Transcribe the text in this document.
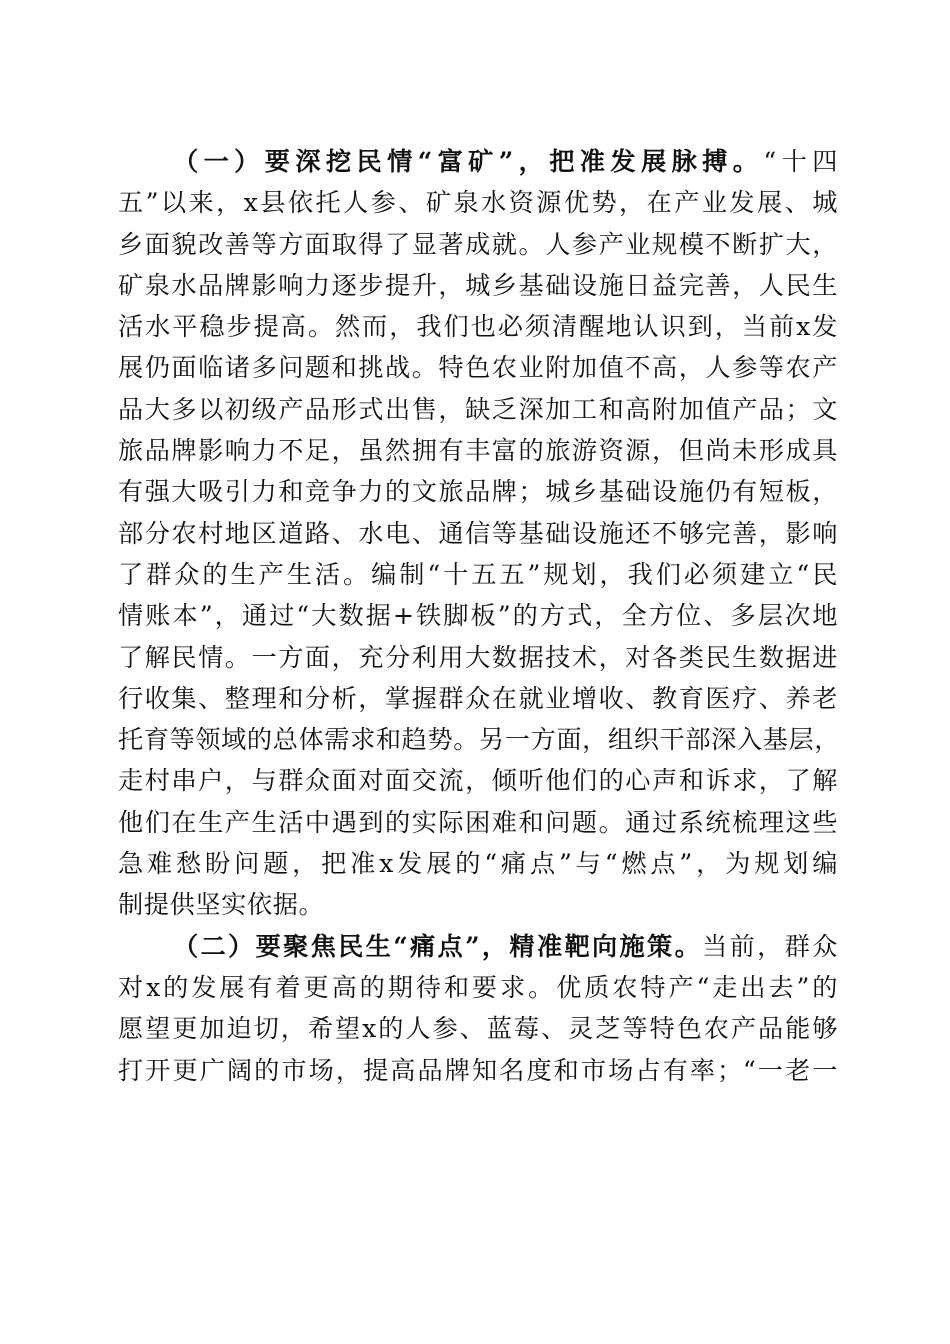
（一）要深挖民情“富矿”，把准发展脉搏。“十四
五”以来，x县依托人参、矿泉水资源优势，在产业发展、城
乡面貌改善等方面取得了显著成就。人参产业规模不断扩大，
矿泉水品牌影响力逐步提升，城乡基础设施日益完善，人民生
活水平稳步提高。然而，我们也必须清醒地认识到，当前x发
展仍面临诸多问题和挑战。特色农业附加值不高，人参等农产
品大多以初级产品形式出售，缺乏深加工和高附加值产品；文
旅品牌影响力不足，虽然拥有丰富的旅游资源，但尚未形成具
有强大吸引力和竞争力的文旅品牌；城乡基础设施仍有短板，
部分农村地区道路、水电、通信等基础设施还不够完善，影响
了群众的生产生活。编制“十五五”规划，我们必须建立“民
情账本”，通过“大数据+铁脚板”的方式，全方位、多层次地
了解民情。一方面，充分利用大数据技术，对各类民生数据进
行收集、整理和分析，掌握群众在就业增收、教育医疗、养老
托育等领域的总体需求和趋势。另一方面，组织干部深入基层，
走村串户，与群众面对面交流，倾听他们的心声和诉求，了解
他们在生产生活中遇到的实际困难和问题。通过系统梳理这些
急难愁盼问题，把准x发展的“痛点”与“燃点”，为规划编
制提供坚实依据。
（二）要聚焦民生“痛点”，精准靶向施策。当前，群众
对x的发展有着更高的期待和要求。优质农特产“走出去”的
愿望更加迫切，希望x的人参、蓝莓、灵芝等特色农产品能够
打开更广阔的市场，提高品牌知名度和市场占有率；“一老一
